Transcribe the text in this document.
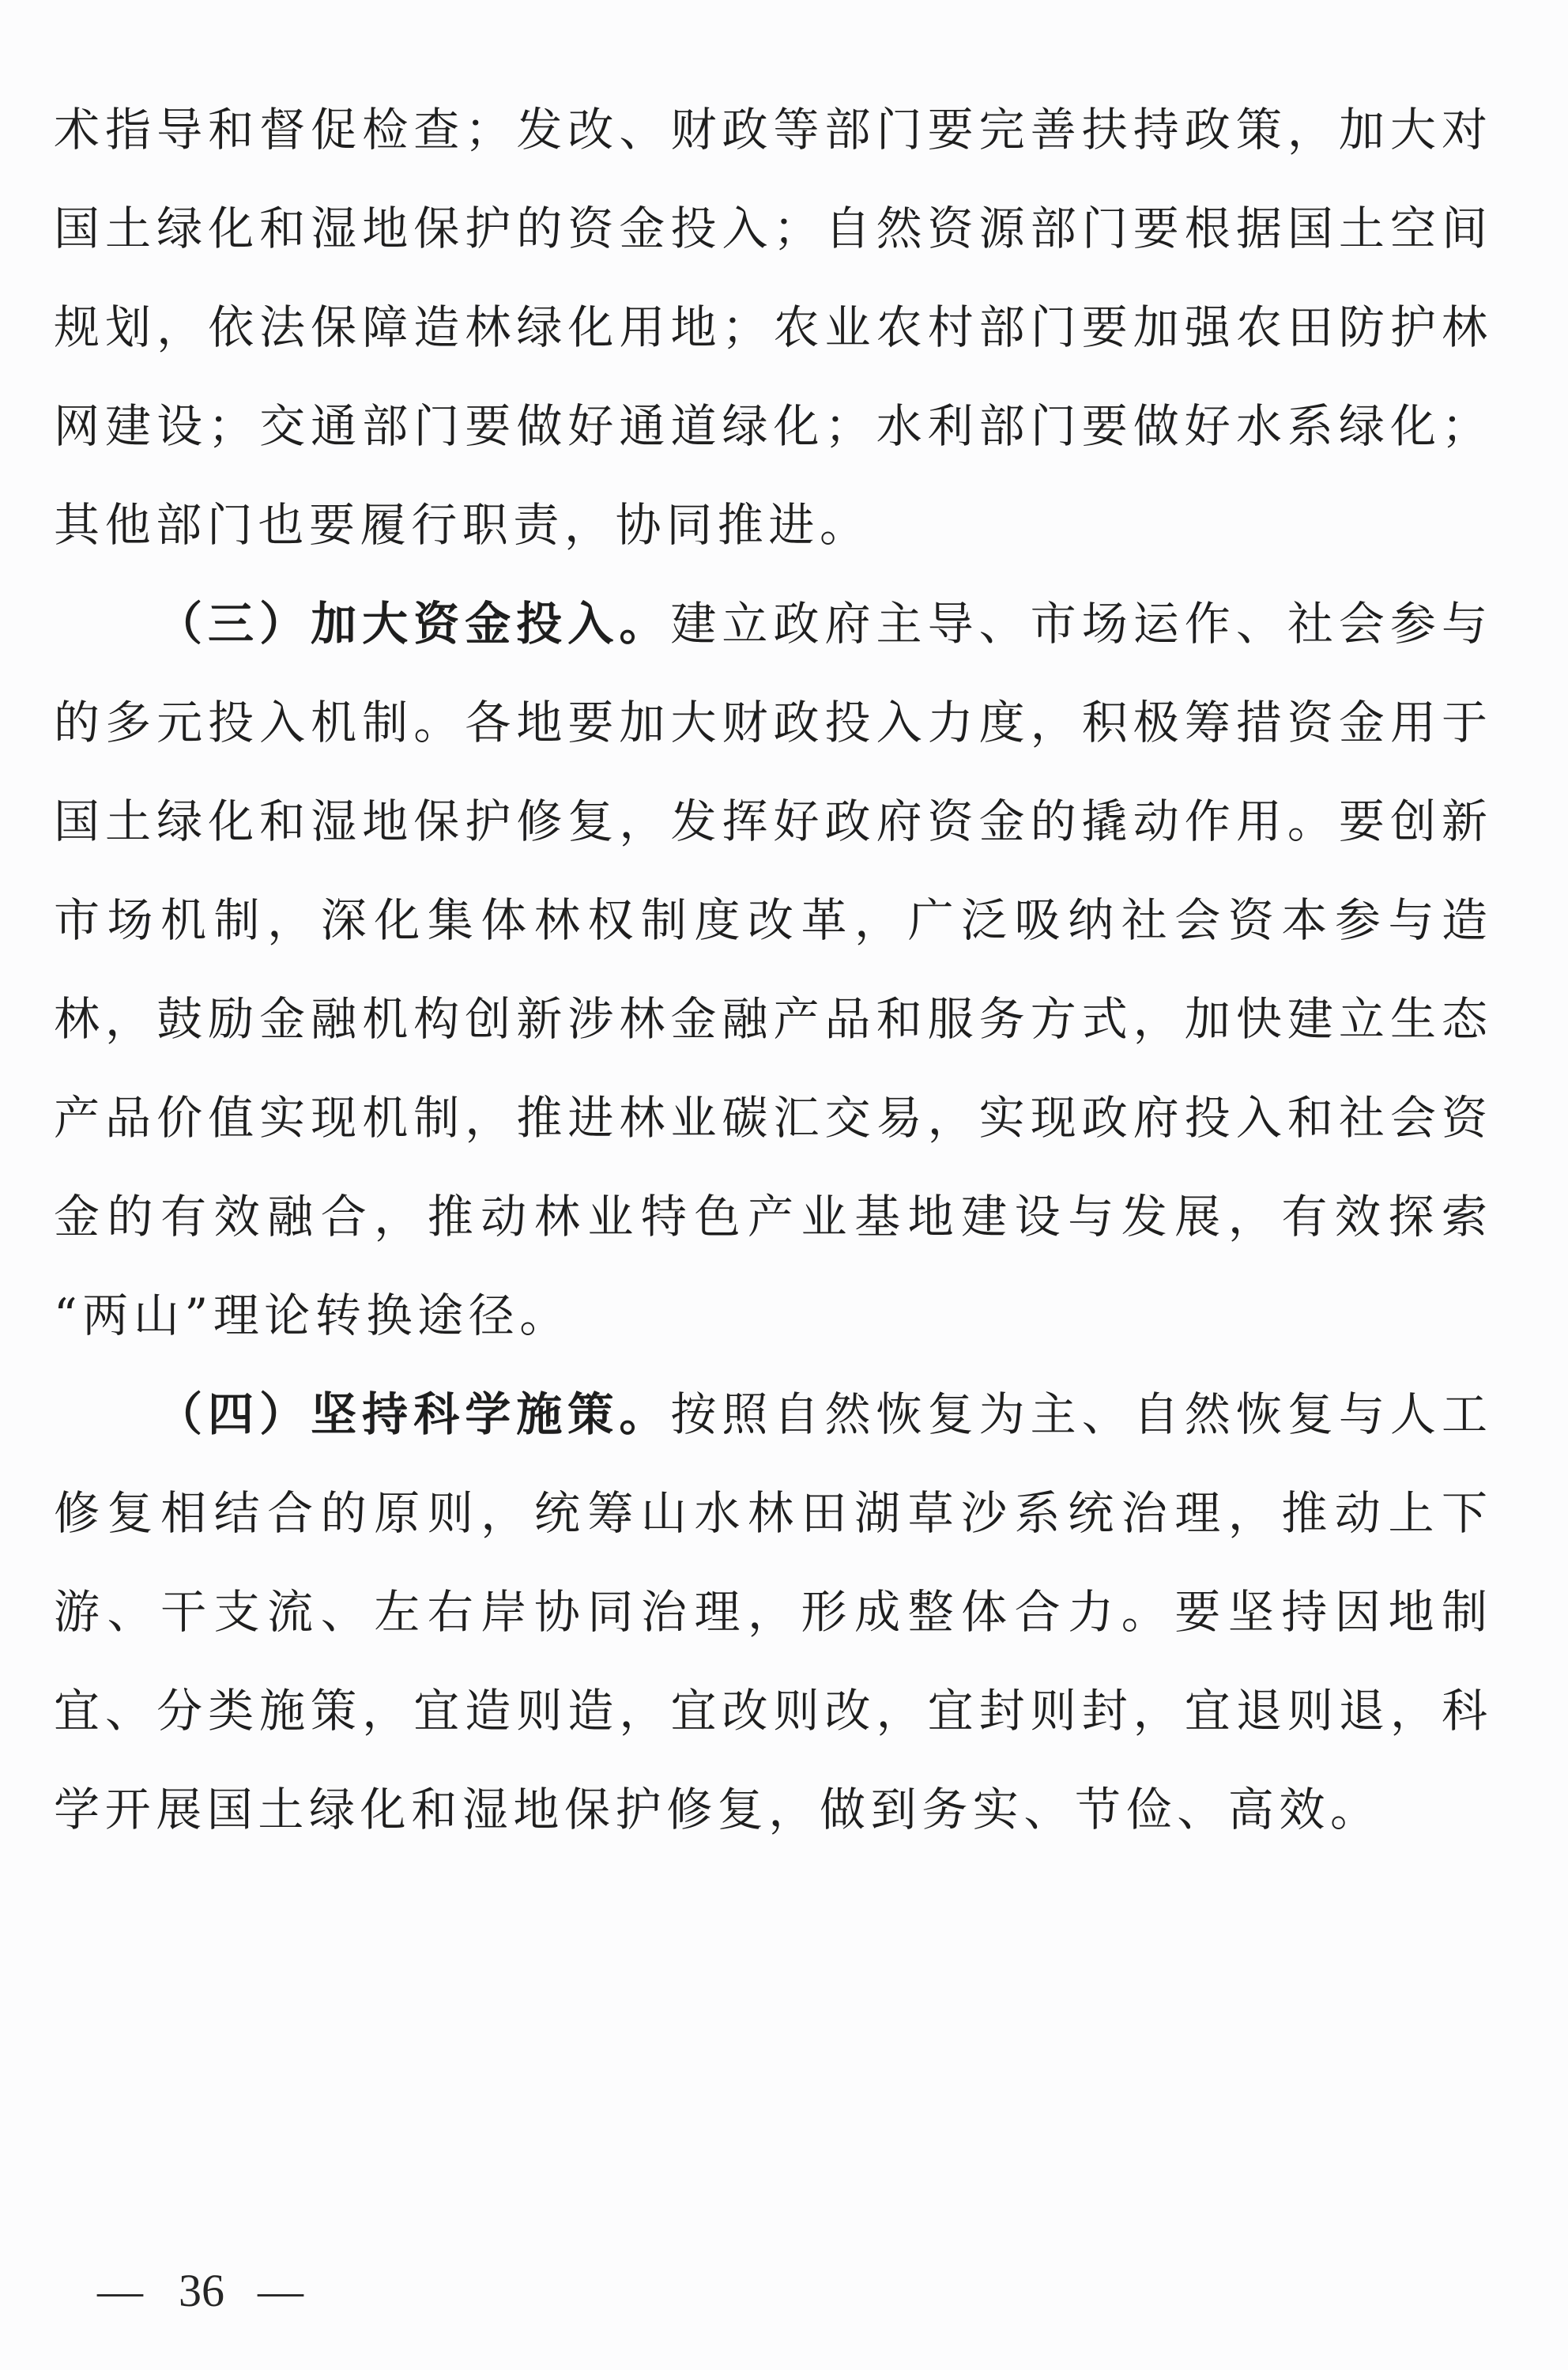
术指导和督促检查；发改、财政等部门要完善扶持政策，加大对
国土绿化和湿地保护的资金投入；自然资源部门要根据国土空间
规划，依法保障造林绿化用地；农业农村部门要加强农田防护林
网建设；交通部门要做好通道绿化；水利部门要做好水系绿化；
其他部门也要履行职责，协同推进。
（三）加大资金投入。建立政府主导、市场运作、社会参与
的多元投入机制。各地要加大财政投入力度，积极筹措资金用于
国土绿化和湿地保护修复，发挥好政府资金的撬动作用。要创新
市场机制，深化集体林权制度改革，广泛吸纳社会资本参与造
林，鼓励金融机构创新涉林金融产品和服务方式，加快建立生态
产品价值实现机制，推进林业碳汇交易，实现政府投入和社会资
金的有效融合，推动林业特色产业基地建设与发展，有效探索
“两山”理论转换途径。
（四）坚持科学施策。按照自然恢复为主、自然恢复与人工
修复相结合的原则，统筹山水林田湖草沙系统治理，推动上下
游、干支流、左右岸协同治理，形成整体合力。要坚持因地制
宜、分类施策，宜造则造，宜改则改，宜封则封，宜退则退，科
学开展国土绿化和湿地保护修复，做到务实、节俭、高效。
— 36 —
